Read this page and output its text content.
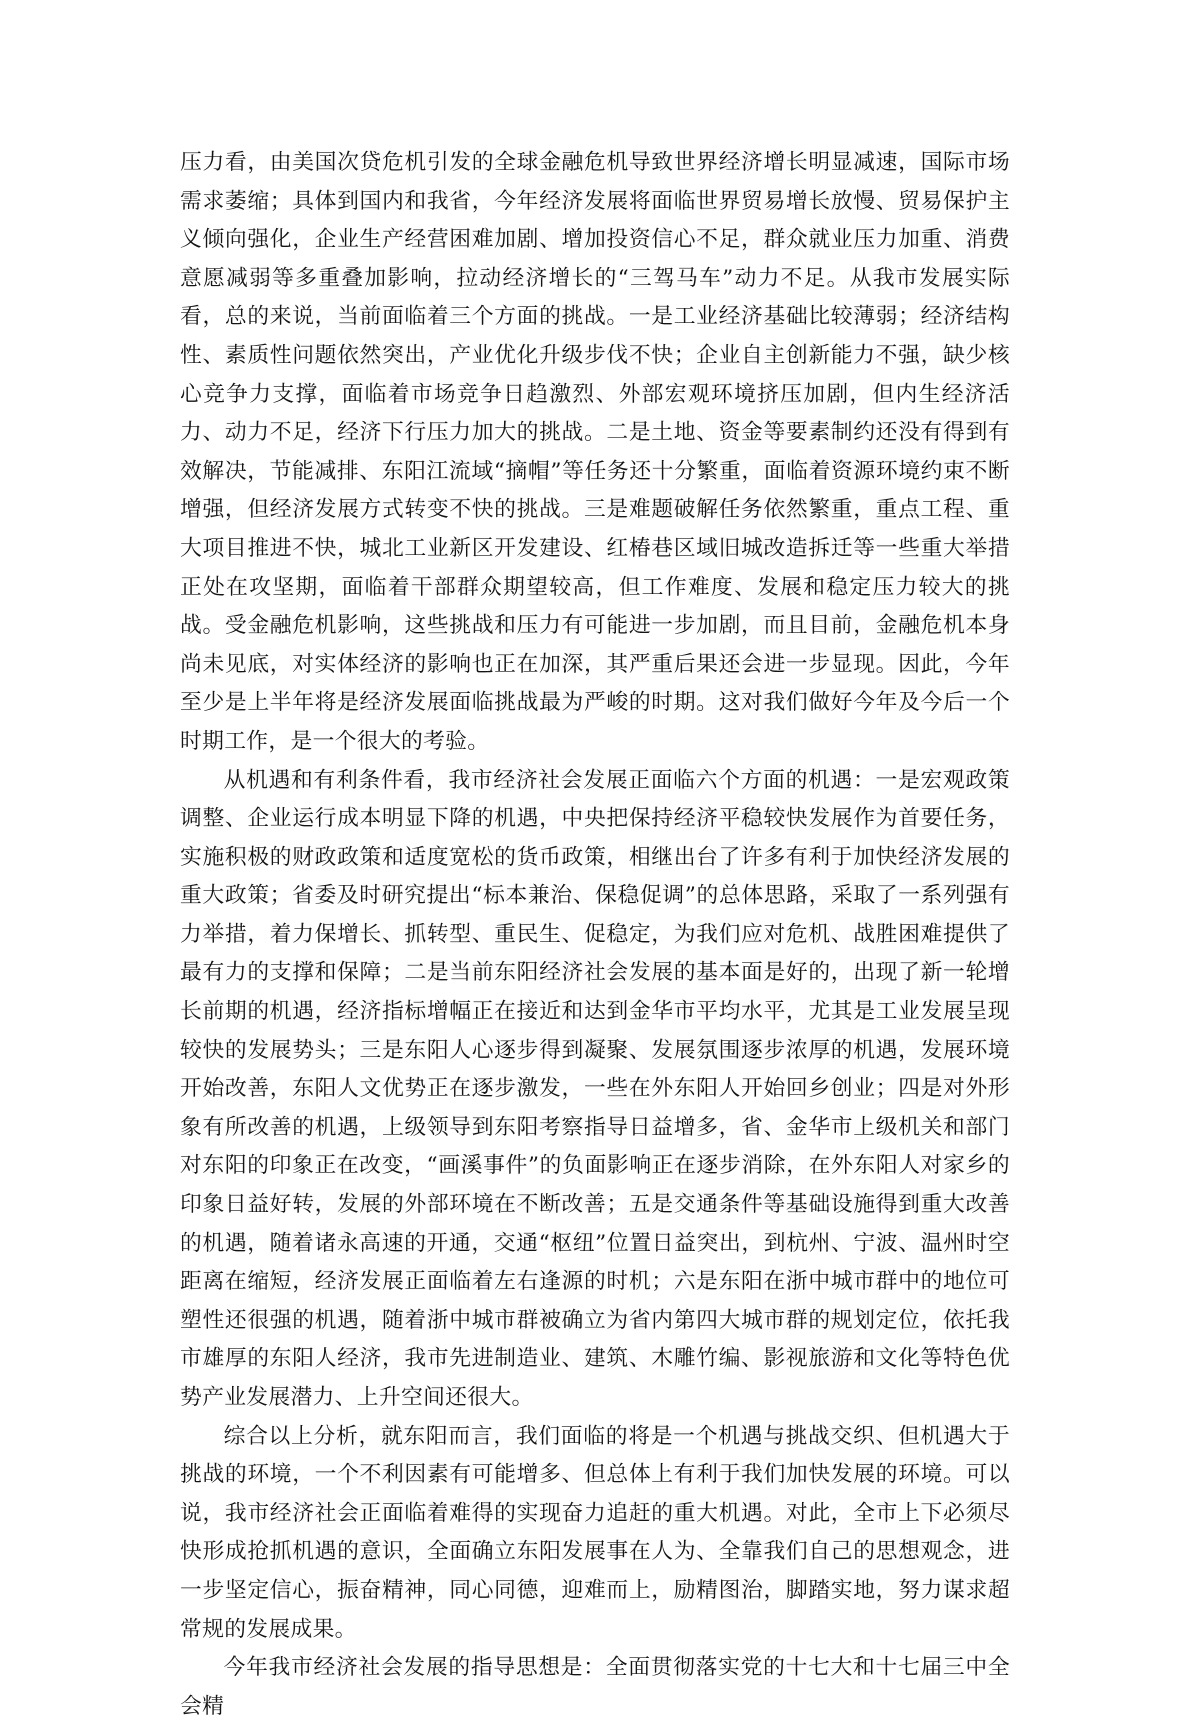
压力看，由美国次贷危机引发的全球金融危机导致世界经济增长明显减速，国际市场需求萎缩；具体到国内和我省，今年经济发展将面临世界贸易增长放慢、贸易保护主义倾向强化，企业生产经营困难加剧、增加投资信心不足，群众就业压力加重、消费意愿减弱等多重叠加影响，拉动经济增长的“三驾马车”动力不足。从我市发展实际看，总的来说，当前面临着三个方面的挑战。一是工业经济基础比较薄弱；经济结构性、素质性问题依然突出，产业优化升级步伐不快；企业自主创新能力不强，缺少核心竞争力支撑，面临着市场竞争日趋激烈、外部宏观环境挤压加剧，但内生经济活力、动力不足，经济下行压力加大的挑战。二是土地、资金等要素制约还没有得到有效解决，节能减排、东阳江流域“摘帽”等任务还十分繁重，面临着资源环境约束不断增强，但经济发展方式转变不快的挑战。三是难题破解任务依然繁重，重点工程、重大项目推进不快，城北工业新区开发建设、红椿巷区域旧城改造拆迁等一些重大举措正处在攻坚期，面临着干部群众期望较高，但工作难度、发展和稳定压力较大的挑战。受金融危机影响，这些挑战和压力有可能进一步加剧，而且目前，金融危机本身尚未见底，对实体经济的影响也正在加深，其严重后果还会进一步显现。因此，今年至少是上半年将是经济发展面临挑战最为严峻的时期。这对我们做好今年及今后一个时期工作，是一个很大的考验。

从机遇和有利条件看，我市经济社会发展正面临六个方面的机遇：一是宏观政策调整、企业运行成本明显下降的机遇，中央把保持经济平稳较快发展作为首要任务，实施积极的财政政策和适度宽松的货币政策，相继出台了许多有利于加快经济发展的重大政策；省委及时研究提出“标本兼治、保稳促调”的总体思路，采取了一系列强有力举措，着力保增长、抓转型、重民生、促稳定，为我们应对危机、战胜困难提供了最有力的支撑和保障；二是当前东阳经济社会发展的基本面是好的，出现了新一轮增长前期的机遇，经济指标增幅正在接近和达到金华市平均水平，尤其是工业发展呈现较快的发展势头；三是东阳人心逐步得到凝聚、发展氛围逐步浓厚的机遇，发展环境开始改善，东阳人文优势正在逐步激发，一些在外东阳人开始回乡创业；四是对外形象有所改善的机遇，上级领导到东阳考察指导日益增多，省、金华市上级机关和部门对东阳的印象正在改变，“画溪事件”的负面影响正在逐步消除，在外东阳人对家乡的印象日益好转，发展的外部环境在不断改善；五是交通条件等基础设施得到重大改善的机遇，随着诸永高速的开通，交通“枢纽”位置日益突出，到杭州、宁波、温州时空距离在缩短，经济发展正面临着左右逢源的时机；六是东阳在浙中城市群中的地位可塑性还很强的机遇，随着浙中城市群被确立为省内第四大城市群的规划定位，依托我市雄厚的东阳人经济，我市先进制造业、建筑、木雕竹编、影视旅游和文化等特色优势产业发展潜力、上升空间还很大。

综合以上分析，就东阳而言，我们面临的将是一个机遇与挑战交织、但机遇大于挑战的环境，一个不利因素有可能增多、但总体上有利于我们加快发展的环境。可以说，我市经济社会正面临着难得的实现奋力追赶的重大机遇。对此，全市上下必须尽快形成抢抓机遇的意识，全面确立东阳发展事在人为、全靠我们自己的思想观念，进一步坚定信心，振奋精神，同心同德，迎难而上，励精图治，脚踏实地，努力谋求超常规的发展成果。

今年我市经济社会发展的指导思想是：全面贯彻落实党的十七大和十七届三中全会精
